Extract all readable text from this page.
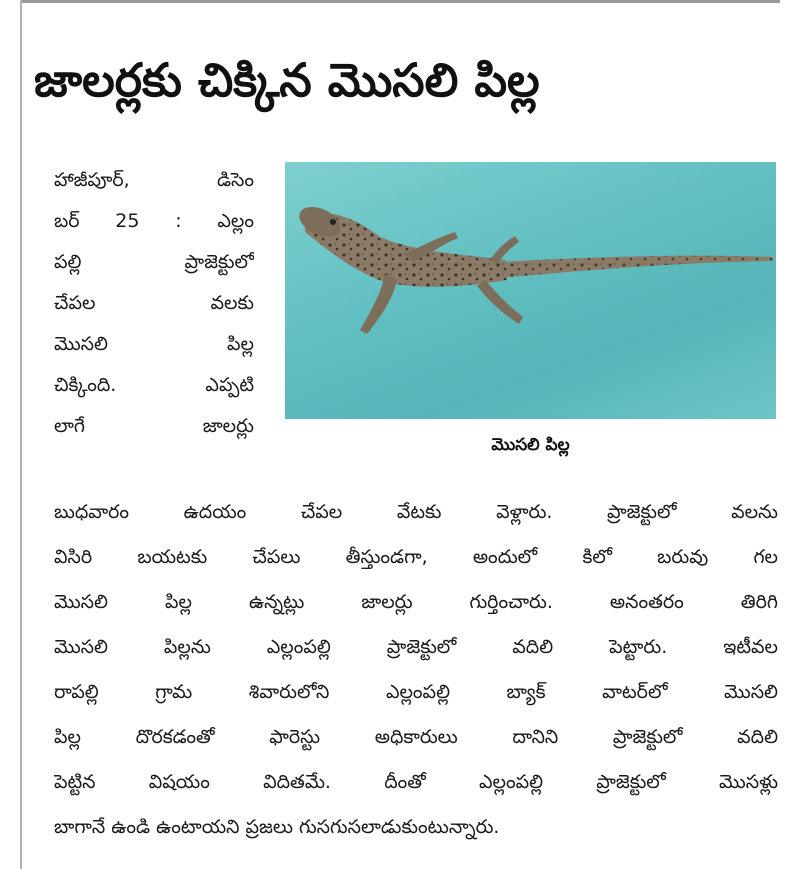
జాలర్లకు చిక్కిన మొసలి పిల్ల
హాజీపూర్, డిసెం
బర్ 25 : ఎల్లం
పల్లి ప్రాజెక్టులో
చేపల వలకు
మొసలి పిల్ల
చిక్కింది. ఎప్పటి
లాగే జాలర్లు
మొసలి పిల్ల
బుధవారం ఉదయం చేపల వేటకు వెళ్లారు. ప్రాజెక్టులో వలను
విసిరి బయటకు చేపలు తీస్తుండగా, అందులో కిలో బరువు గల
మొసలి పిల్ల ఉన్నట్లు జాలర్లు గుర్తించారు. అనంతరం తిరిగి
మొసలి పిల్లను ఎల్లంపల్లి ప్రాజెక్టులో వదిలి పెట్టారు. ఇటీవల
రాపల్లి గ్రామ శివారులోని ఎల్లంపల్లి బ్యాక్ వాటర్‌లో మొసలి
పిల్ల దొరకడంతో ఫారెస్టు అధికారులు దానిని ప్రాజెక్టులో వదిలి
పెట్టిన విషయం విదితమే. దీంతో ఎల్లంపల్లి ప్రాజెక్టులో మొసళ్లు
బాగానే ఉండి ఉంటాయని ప్రజలు గుసగుసలాడుకుంటున్నారు.
